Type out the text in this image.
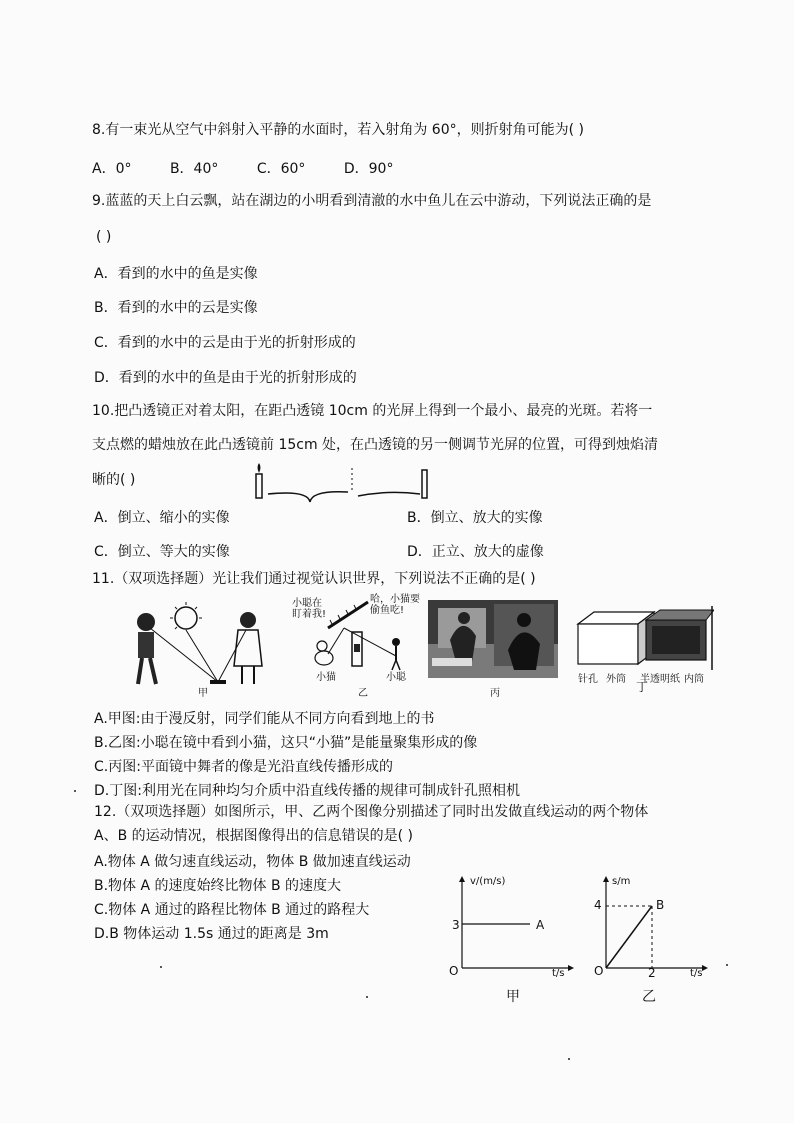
8.有一束光从空气中斜射入平静的水面时，若入射角为 60°，则折射角可能为( )
A．0°	B．40°	C．60°	D．90°
9.蓝蓝的天上白云飘，站在湖边的小明看到清澈的水中鱼儿在云中游动，下列说法正确的是
( )
A．看到的水中的鱼是实像
B．看到的水中的云是实像
C．看到的水中的云是由于光的折射形成的
D．看到的水中的鱼是由于光的折射形成的
10.把凸透镜正对着太阳，在距凸透镜 10cm 的光屏上得到一个最小、最亮的光斑。若将一
支点燃的蜡烛放在此凸透镜前 15cm 处，在凸透镜的另一侧调节光屏的位置，可得到烛焰清
晰的( )
A．倒立、缩小的实像	B．倒立、放大的实像
C．倒立、等大的实像	D．正立、放大的虚像
11.（双项选择题）光让我们通过视觉认识世界，下列说法不正确的是( )
甲
小聪在
盯着我!
哈，小猫要
偷鱼吃!
小猫	小聪
乙	丙
针孔 外筒 半透明纸 内筒
丁
A.甲图:由于漫反射，同学们能从不同方向看到地上的书
B.乙图:小聪在镜中看到小猫，这只“小猫”是能量聚集形成的像
C.丙图:平面镜中舞者的像是光沿直线传播形成的
D.丁图:利用光在同种均匀介质中沿直线传播的规律可制成针孔照相机
12.（双项选择题）如图所示，甲、乙两个图像分别描述了同时出发做直线运动的两个物体
A、B 的运动情况，根据图像得出的信息错误的是( )
A.物体 A 做匀速直线运动，物体 B 做加速直线运动
B.物体 A 的速度始终比物体 B 的速度大
C.物体 A 通过的路程比物体 B 通过的路程大
D.B 物体运动 1.5s 通过的距离是 3m
v/(m/s)
t/s
O
3	A
甲
s/m
t/s
O
4
2
B
乙
